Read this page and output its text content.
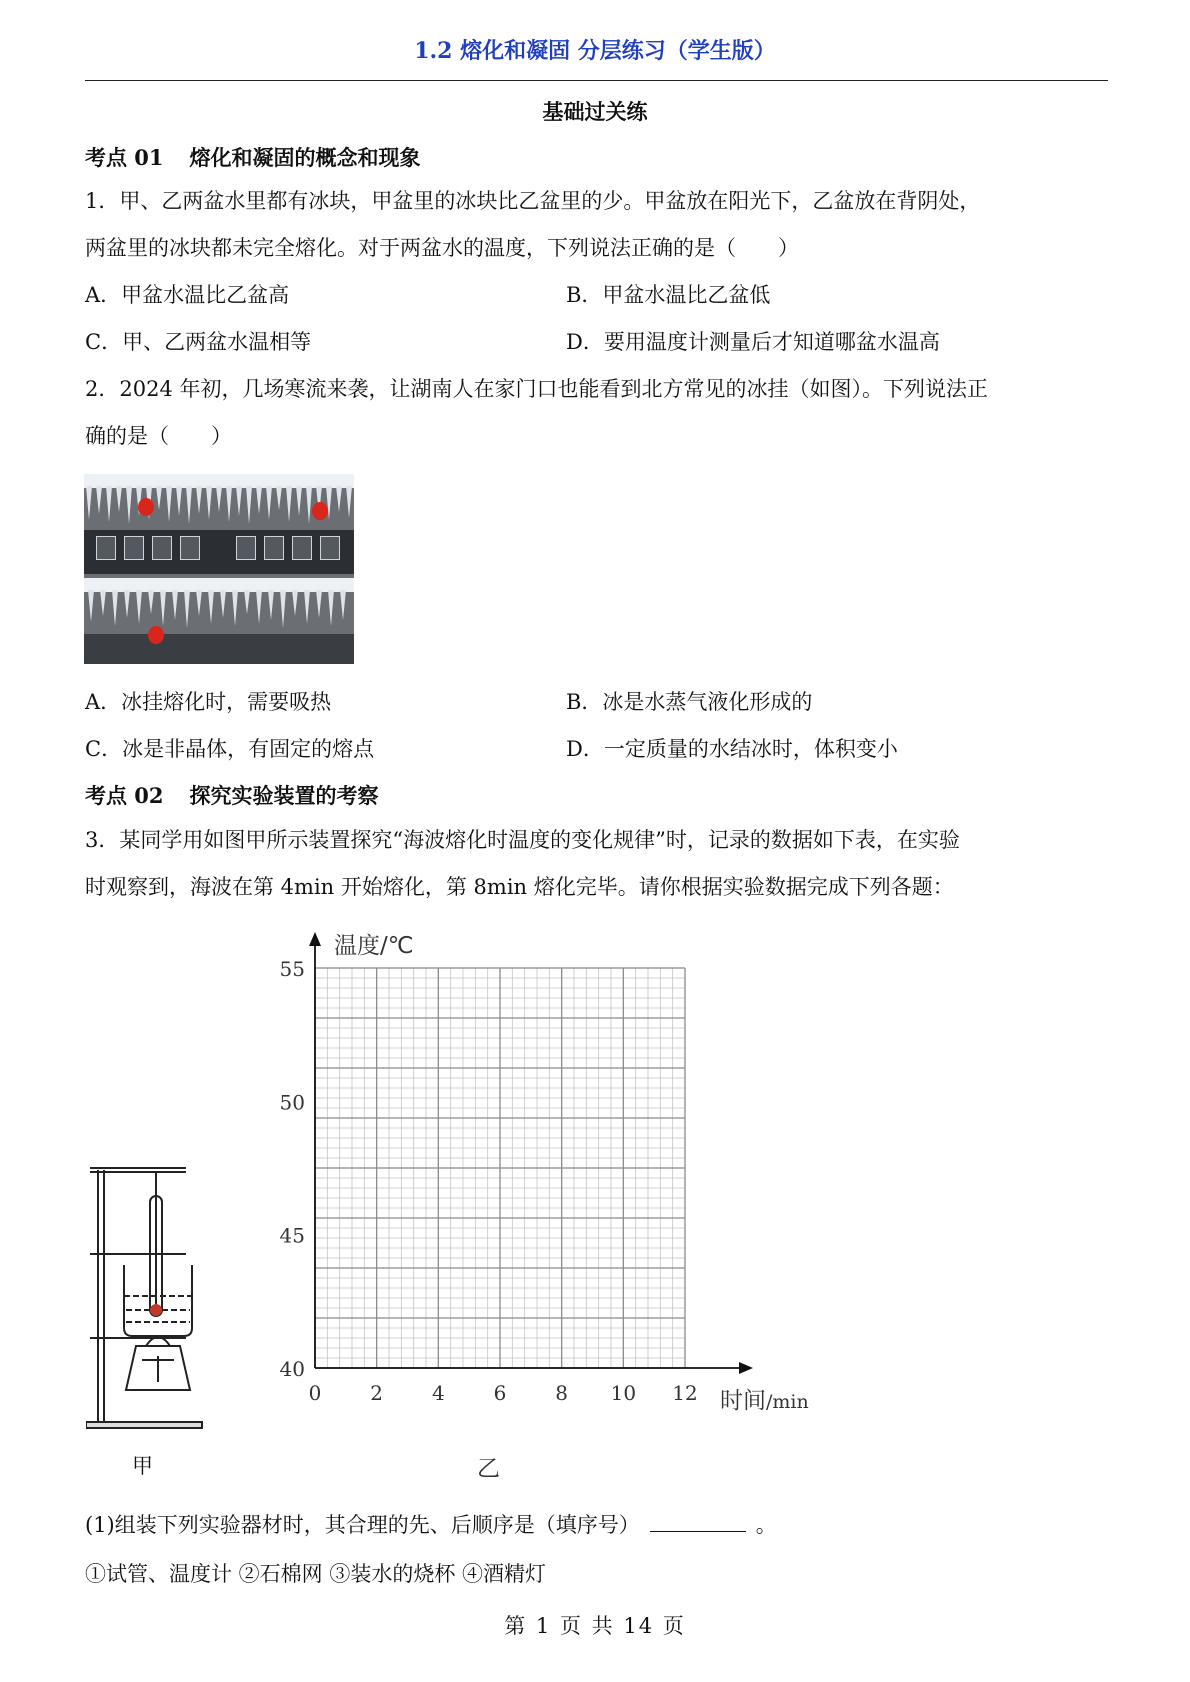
1.2 熔化和凝固 分层练习（学生版）
基础过关练
考点 01 熔化和凝固的概念和现象
1．甲、乙两盆水里都有冰块，甲盆里的冰块比乙盆里的少。甲盆放在阳光下，乙盆放在背阴处，
两盆里的冰块都未完全熔化。对于两盆水的温度，下列说法正确的是（　　）
A．甲盆水温比乙盆高	B．甲盆水温比乙盆低
C．甲、乙两盆水温相等	D．要用温度计测量后才知道哪盆水温高
2．2024 年初，几场寒流来袭，让湖南人在家门口也能看到北方常见的冰挂（如图）。下列说法正
确的是（　　）
A．冰挂熔化时，需要吸热	B．冰是水蒸气液化形成的
C．冰是非晶体，有固定的熔点	D．一定质量的水结冰时，体积变小
考点 02 探究实验装置的考察
3．某同学用如图甲所示装置探究“海波熔化时温度的变化规律”时，记录的数据如下表，在实验
时观察到，海波在第 4min 开始熔化，第 8min 熔化完毕。请你根据实验数据完成下列各题：
甲
55
50
45
40
0 2 4 6 8 10 12
温度/℃
时间/min
乙
(1)组装下列实验器材时，其合理的先、后顺序是（填序号）	。
①试管、温度计 ②石棉网 ③装水的烧杯 ④酒精灯
第 1 页 共 14 页
